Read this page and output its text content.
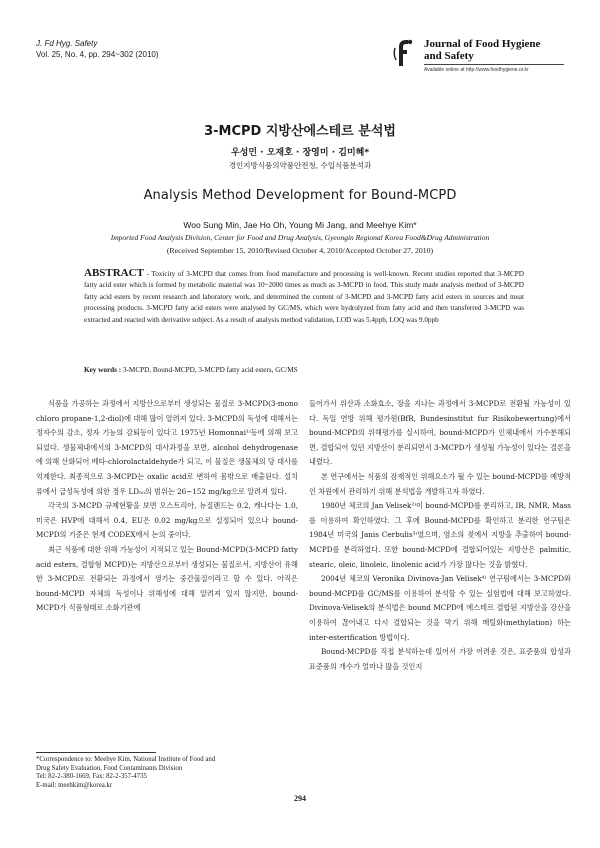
J. Fd Hyg. Safety
Vol. 25, No. 4, pp. 294~302 (2010)
Journal of Food Hygiene
and Safety
Available online at http://www.foodhygiene.or.kr
3-MCPD 지방산에스테르 분석법
우성민 · 오재호 · 장영미 · 김미혜*
경인지방식품의약품안전청, 수입식품분석과
Analysis Method Development for Bound-MCPD
Woo Sung Min, Jae Ho Oh, Young Mi Jang, and Meehye Kim*
Imported Food Analysis Division, Center for Food and Drug Analysis, Gyeongin Regional Korea Food&Drug Administration
(Received September 15, 2010/Revised October 4, 2010/Accepted October 27, 2010)
ABSTRACT - Toxicity of 3-MCPD that comes from food manufacture and processing is well-known. Recent studies reported that 3-MCPD fatty acid ester which is formed by metabolic material was 10~2000 times as much as 3-MCPD in food. This study made analysis method of 3-MCPD fatty acid esters by recent research and laboratory work, and determined the content of 3-MCPD and 3-MCPD fatty acid esters in sources and meat processing products. 3-MCPD fatty acid esters were analysed by GC/MS, which were hydrolyzed from fatty acid and then transferred 3-MCPD was extracted and reacted with derivative subject. As a result of analysis method validation, LOD was 5.4ppb, LOQ was 9.0ppb
Key words : 3-MCPD, Bound-MCPD, 3-MCPD fatty acid esters, GC/MS

식품을 가공하는 과정에서 지방산으로부터 생성되는 물질로 3-MCPD(3-mono chloro propane-1,2-diol)에 대해 많이 알려져 있다. 3-MCPD의 독성에 대해서는 정자수의 감소, 정자 기능의 감퇴등이 있다고 1975년 Homonnai¹⁾등에 의해 보고되었다. 생물체내에서의 3-MCPD의 대사과정을 보면, alcohol dehydrogenase에 의해 산화되어 베타-chlorolactaldehyde가 되고, 이 물질은 생물체의 당 대사를 억제한다. 최종적으로 3-MCPD는 oxalic acid로 변하여 몸밖으로 배출된다. 설치류에서 급성독성에 의한 경우 LD₅₀의 범위는 26~152 mg/kg으로 알려져 있다.

각국의 3-MCPD 규제현황을 보면 오스트리아, 뉴질랜드는 0.2, 캐나다는 1.0, 미국은 HVP에 대해서 0.4, EU은 0.02 mg/kg으로 설정되어 있으나 bound-MCPD의 기준은 현재 CODEX에서 논의 중이다.

최근 식품에 대한 위해 가능성이 지적되고 있는 Bound-MCPD(3-MCPD fatty acid esters, 결합형 MCPD)는 지방산으로부터 생성되는 물질로서, 지방산이 유해한 3-MCPD로 전환되는 과정에서 생기는 중간물질이라고 할 수 있다. 아직은 bound-MCPD 자체의 독성이나 위해성에 대해 알려져 있지 않지만, bound-MCPD가 식품형태로 소화기관에

들어가서 위산과 소화효소, 장을 지나는 과정에서 3-MCPD로 전환될 가능성이 있다. 독일 연방 위해 평가원(BfR, Bundesinstitut fur Risikobewertung)에서 bound-MCPD의 위해평가를 실시하여, bound-MCPD가 인체내에서 가수분해되면, 결합되어 있던 지방산이 분리되면서 3-MCPD가 생성될 가능성이 있다는 결론을 내렸다.

본 연구에서는 식품의 잠재적인 위해요소가 될 수 있는 bound-MCPD를 예방적인 차원에서 관리하기 위해 분석법을 개발하고자 하였다.

1980년 체코의 Jan Velisek²⁾이 bound-MCPD를 분리하고, IR, NMR, Mass를 이용하여 확인하였다. 그 후에 Bound-MCPD를 확인하고 분리한 연구팀은 1984년 미국의 Janis Cerbulis³⁾였으며, 염소의 젖에서 지방을 추출하여 bound-MCPD를 분리하였다. 또한 bound-MCPD에 결합되어있는 지방산은 palmitic, stearic, oleic, linoleic, linolenic acid가 가장 많다는 것을 밝혔다.

2004년 체코의 Veronika Divinova-Jan Velisek⁴⁾ 연구팀에서는 3-MCPD와 bound-MCPD를 GC/MS를 이용하여 분석할 수 있는 실험법에 대해 보고하였다. Divinova-Velisek의 분석법은 bound MCPD에 에스테르 결합된 지방산을 강산을 이용하여 끊어내고 다시 결합되는 것을 막기 위해 메틸화(methylation) 하는 inter-esterification 방법이다.

Bound-MCPD를 직접 분석하는데 있어서 가장 어려운 것은, 표준품의 합성과 표준품의 개수가 얼마나 많을 것인지

*Correspondence to: Meehye Kim, National Institute of Food and
Drug Safety Evaluation, Food Contaminants Division
Tel: 82-2-380-1669, Fax: 82-2-357-4735
E-mail: meehkim@korea.kr
294
